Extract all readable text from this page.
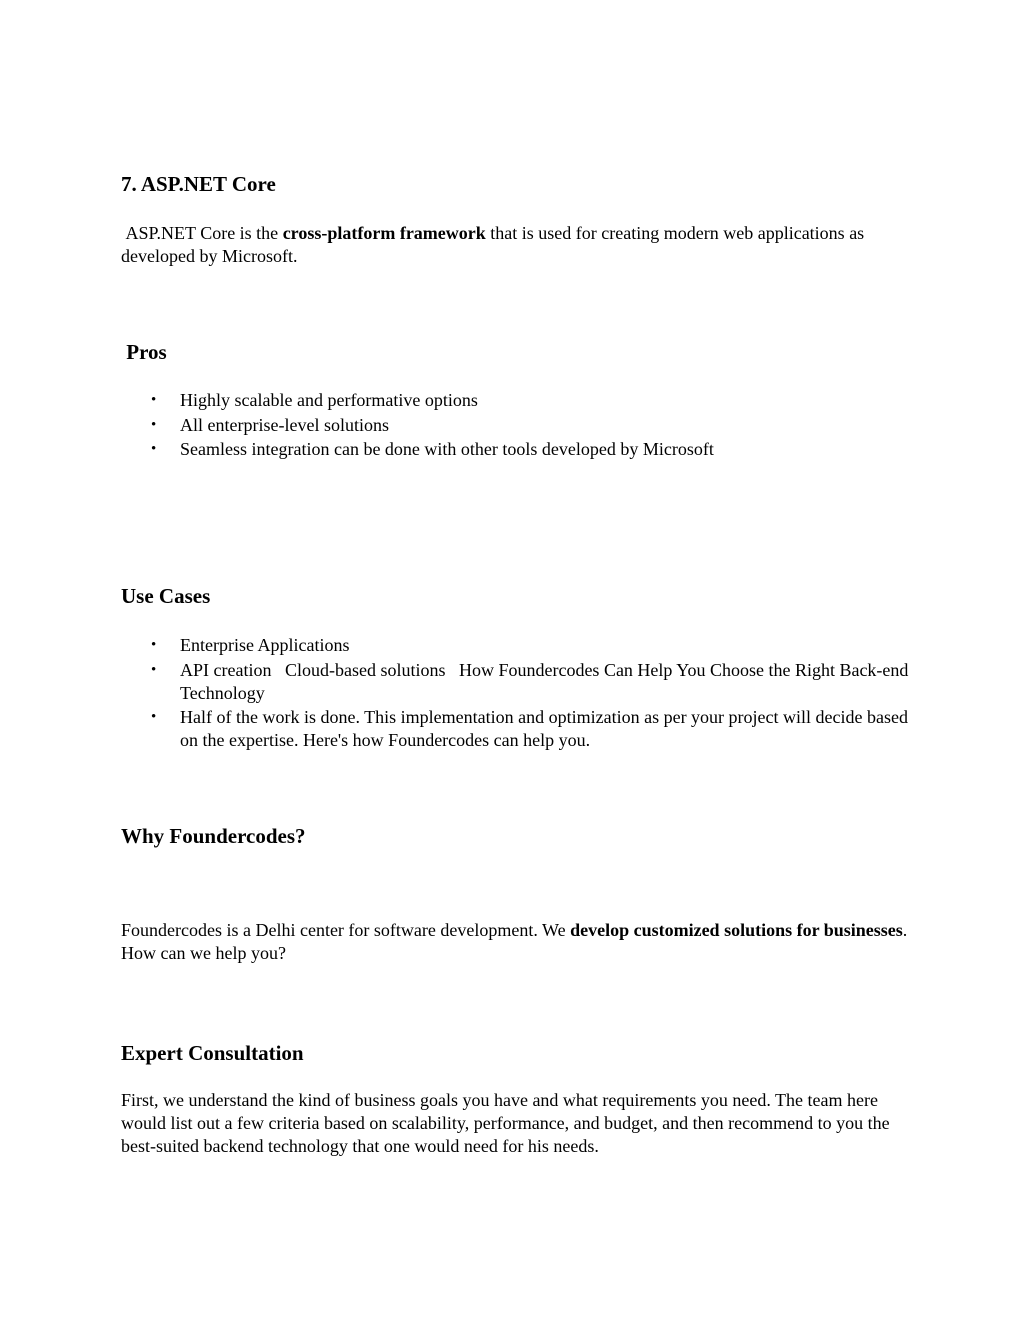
7. ASP.NET Core

ASP.NET Core is the cross-platform framework that is used for creating modern web applications as developed by Microsoft.

Pros
• Highly scalable and performative options
• All enterprise-level solutions
• Seamless integration can be done with other tools developed by Microsoft
Use Cases
• Enterprise Applications
• API creation   Cloud-based solutions   How Foundercodes Can Help You Choose the Right Back-end Technology
• Half of the work is done. This implementation and optimization as per your project will decide based on the expertise. Here's how Foundercodes can help you.
Why Foundercodes?

Foundercodes is a Delhi center for software development. We develop customized solutions for businesses. How can we help you?

Expert Consultation

First, we understand the kind of business goals you have and what requirements you need. The team here would list out a few criteria based on scalability, performance, and budget, and then recommend to you the best-suited backend technology that one would need for his needs.
